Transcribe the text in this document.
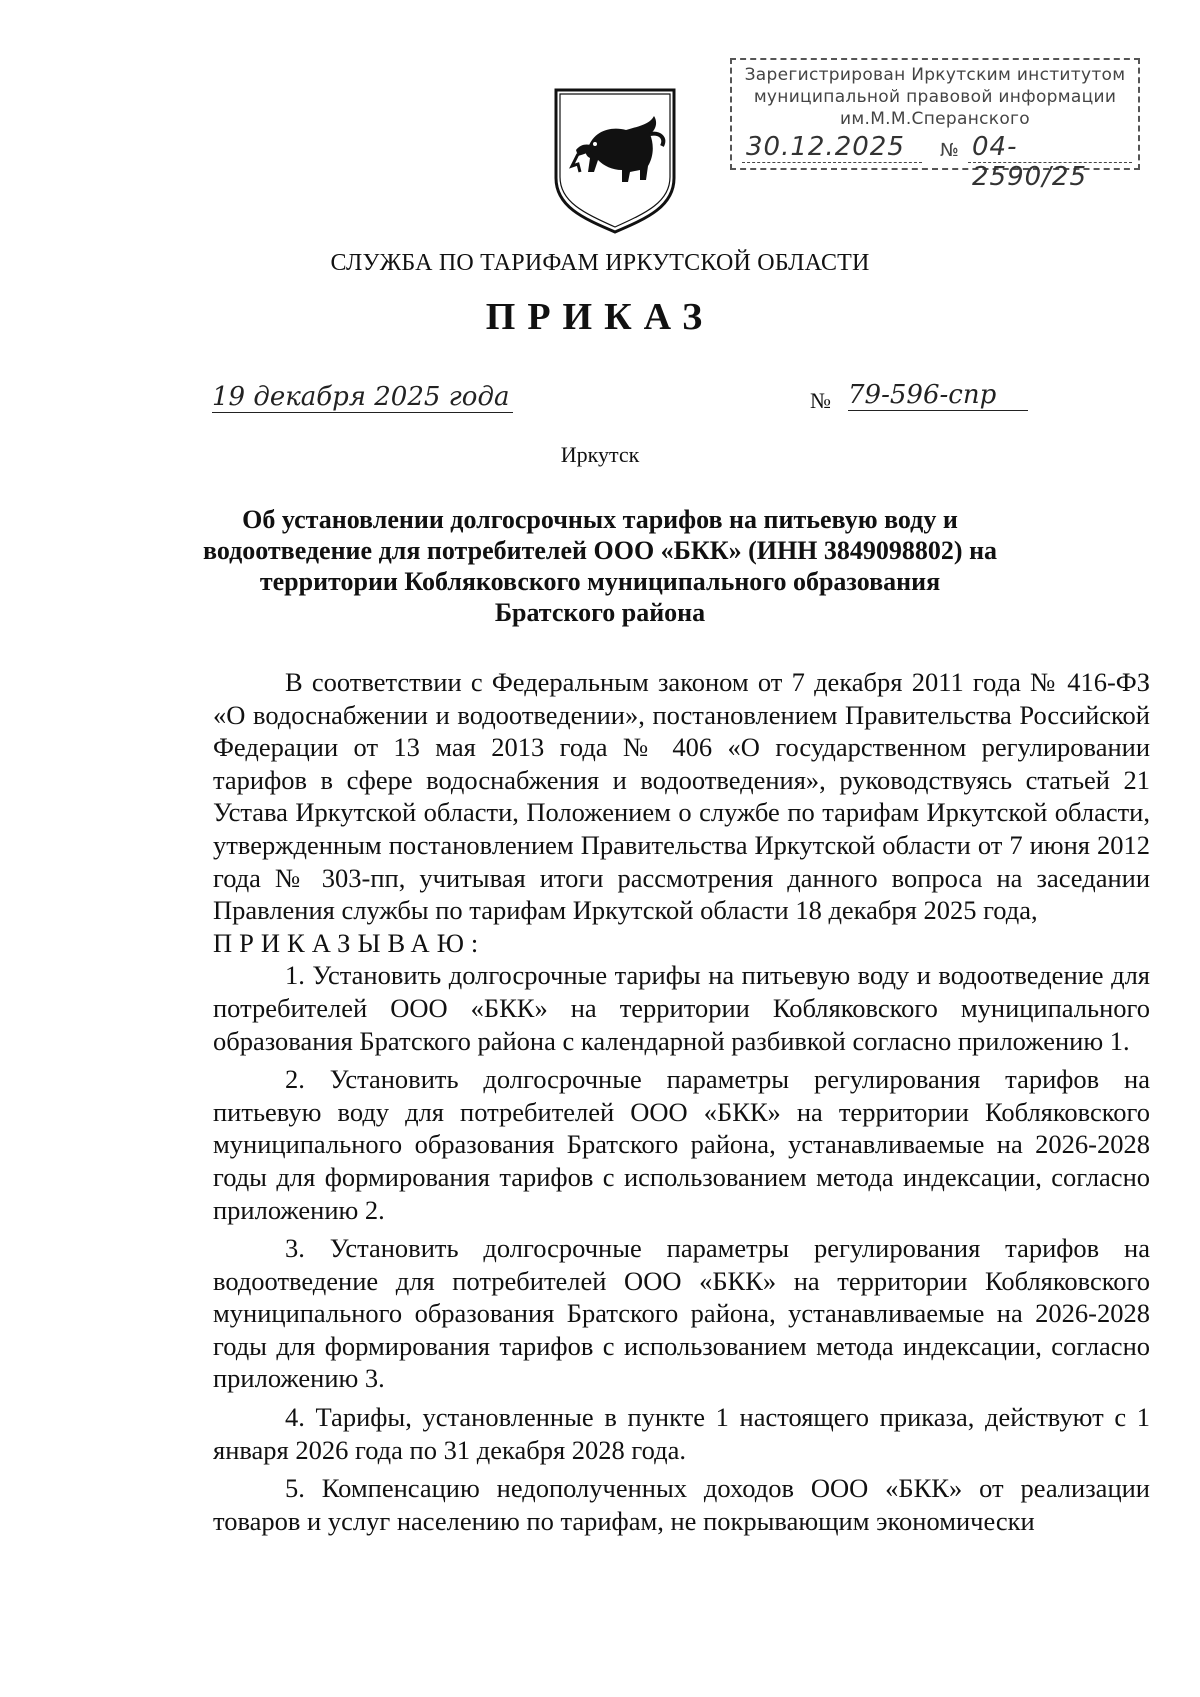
Зарегистрирован Иркутским институтом
муниципальной правовой информации
им.М.М.Сперанского
30.12.2025 № 04-2590/25
СЛУЖБА ПО ТАРИФАМ ИРКУТСКОЙ ОБЛАСТИ
ПРИКАЗ
19 декабря 2025 года	№ 79-596-спр
Иркутск
Об установлении долгосрочных тарифов на питьевую воду и
водоотведение для потребителей ООО «БКК» (ИНН 3849098802) на
территории Кобляковского муниципального образования
Братского района

В соответствии с Федеральным законом от 7 декабря 2011 года № 416-ФЗ «О водоснабжении и водоотведении», постановлением Правительства Российской Федерации от 13 мая 2013 года № 406 «О государственном регулировании тарифов в сфере водоснабжения и водоотведения», руководствуясь статьей 21 Устава Иркутской области, Положением о службе по тарифам Иркутской области, утвержденным постановлением Правительства Иркутской области от 7 июня 2012 года № 303-пп, учитывая итоги рассмотрения данного вопроса на заседании Правления службы по тарифам Иркутской области 18 декабря 2025 года,

ПРИКАЗЫВАЮ:

1. Установить долгосрочные тарифы на питьевую воду и водоотведение для потребителей ООО «БКК» на территории Кобляковского муниципального образования Братского района с календарной разбивкой согласно приложению 1.

2. Установить долгосрочные параметры регулирования тарифов на питьевую воду для потребителей ООО «БКК» на территории Кобляковского муниципального образования Братского района, устанавливаемые на 2026-2028 годы для формирования тарифов с использованием метода индексации, согласно приложению 2.

3. Установить долгосрочные параметры регулирования тарифов на водоотведение для потребителей ООО «БКК» на территории Кобляковского муниципального образования Братского района, устанавливаемые на 2026-2028 годы для формирования тарифов с использованием метода индексации, согласно приложению 3.

4. Тарифы, установленные в пункте 1 настоящего приказа, действуют с 1 января 2026 года по 31 декабря 2028 года.

5. Компенсацию недополученных доходов ООО «БКК» от реализации товаров и услуг населению по тарифам, не покрывающим экономически
